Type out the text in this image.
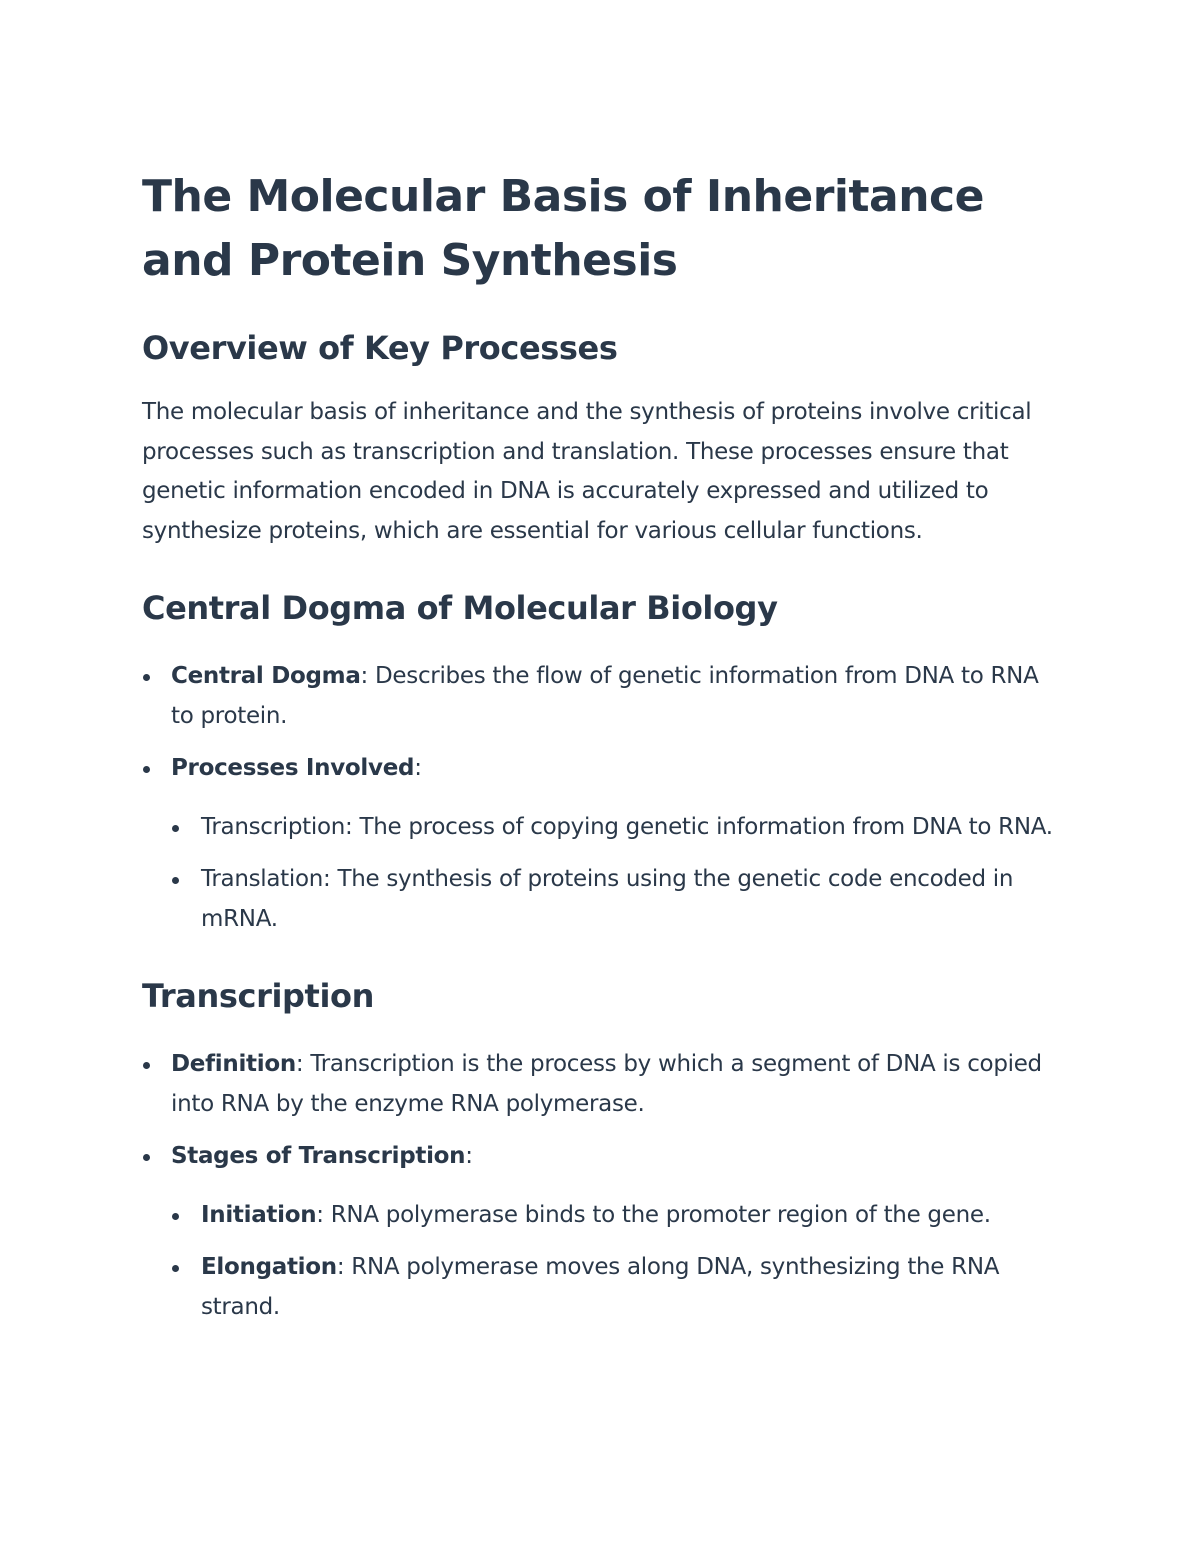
The Molecular Basis of Inheritance and Protein Synthesis
Overview of Key Processes

The molecular basis of inheritance and the synthesis of proteins involve critical processes such as transcription and translation. These processes ensure that genetic information encoded in DNA is accurately expressed and utilized to synthesize proteins, which are essential for various cellular functions.

Central Dogma of Molecular Biology
Central Dogma: Describes the flow of genetic information from DNA to RNA to protein.
Processes Involved:
Transcription: The process of copying genetic information from DNA to RNA.
Translation: The synthesis of proteins using the genetic code encoded in mRNA.
Transcription
Definition: Transcription is the process by which a segment of DNA is copied into RNA by the enzyme RNA polymerase.
Stages of Transcription:
Initiation: RNA polymerase binds to the promoter region of the gene.
Elongation: RNA polymerase moves along DNA, synthesizing the RNA strand.
